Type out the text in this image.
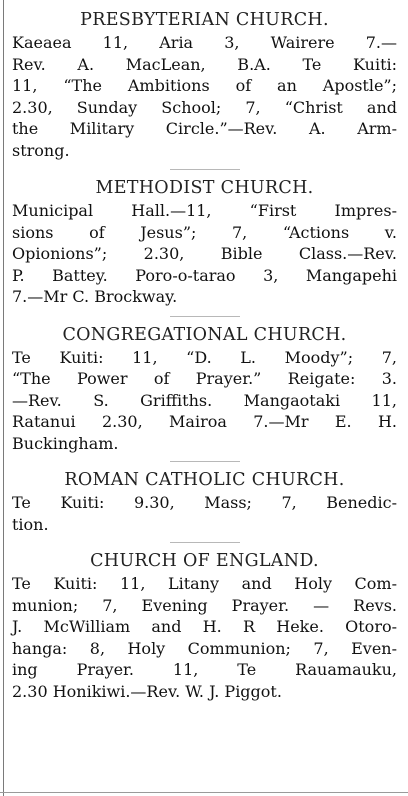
PRESBYTERIAN CHURCH.
Kaeaea 11, Aria 3, Wairere 7.—
Rev. A. MacLean, B.A. Te Kuiti:
11, “The Ambitions of an Apostle”;
2.30, Sunday School; 7, “Christ and
the Military Circle.”—Rev. A. Arm-
strong.
METHODIST CHURCH.
Municipal Hall.—11, “First Impres-
sions of Jesus”; 7, “Actions v.
Opionions”; 2.30, Bible Class.—Rev.
P. Battey. Poro-o-tarao 3, Mangapehi
7.—Mr C. Brockway.
CONGREGATIONAL CHURCH.
Te Kuiti: 11, “D. L. Moody”; 7,
“The Power of Prayer.” Reigate: 3.
—Rev. S. Griffiths. Mangaotaki 11,
Ratanui 2.30, Mairoa 7.—Mr E. H.
Buckingham.
ROMAN CATHOLIC CHURCH.
Te Kuiti: 9.30, Mass; 7, Benedic-
tion.
CHURCH OF ENGLAND.
Te Kuiti: 11, Litany and Holy Com-
munion; 7, Evening Prayer. — Revs.
J. McWilliam and H. R Heke. Otoro-
hanga: 8, Holy Communion; 7, Even-
ing Prayer. 11, Te Rauamauku,
2.30 Honikiwi.—Rev. W. J. Piggot.
